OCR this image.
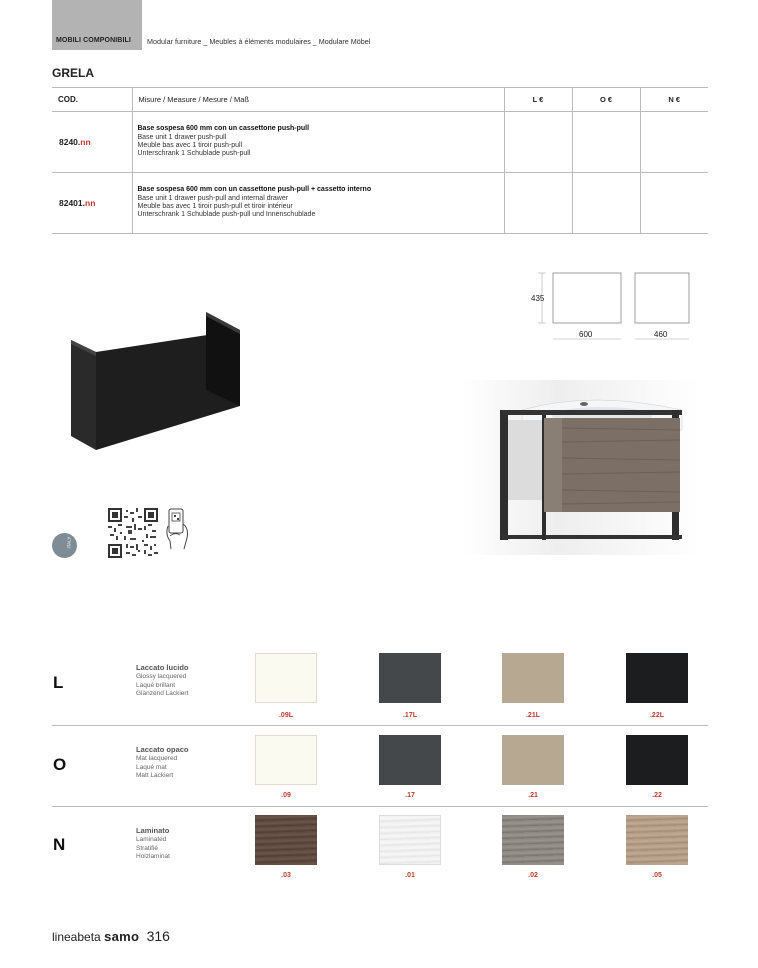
MOBILI COMPONIBILI Modular furniture _ Meubles à éléments modulaires _ Modulare Möbel
GRELA
COD.	Misure / Measure / Mesure / Maß	L €	O €	N €
8240.nn	Base sospesa 600 mm con un cassettone push-pull
Base unit 1 drawer push-pull
Meuble bas avec 1 tiroir push-pull
Unterschrank 1 Schublade push-pull			

82401.nn	Base sospesa 600 mm con un cassettone push-pull + cassetto interno
Base unit 1 drawer push-pull and internal drawer
Meuble bas avec 1 tiroir push-pull et tiroir intérieur
Unterschrank 1 Schublade push-pull und Innenschublade			

435
600	460
ITALY
L
Laccato lucido
Glossy lacquered
Laqué brillant
Glänzend Lackiert
.09L	.17L	.21L	.22L
O
Laccato opaco
Mat lacquered
Laqué mat
Matt Lackiert
.09	.17	.21	.22
N
Laminato
Laminated
Stratifié
Holzlaminat
.03	.01	.02	.05
lineabeta samo 316
